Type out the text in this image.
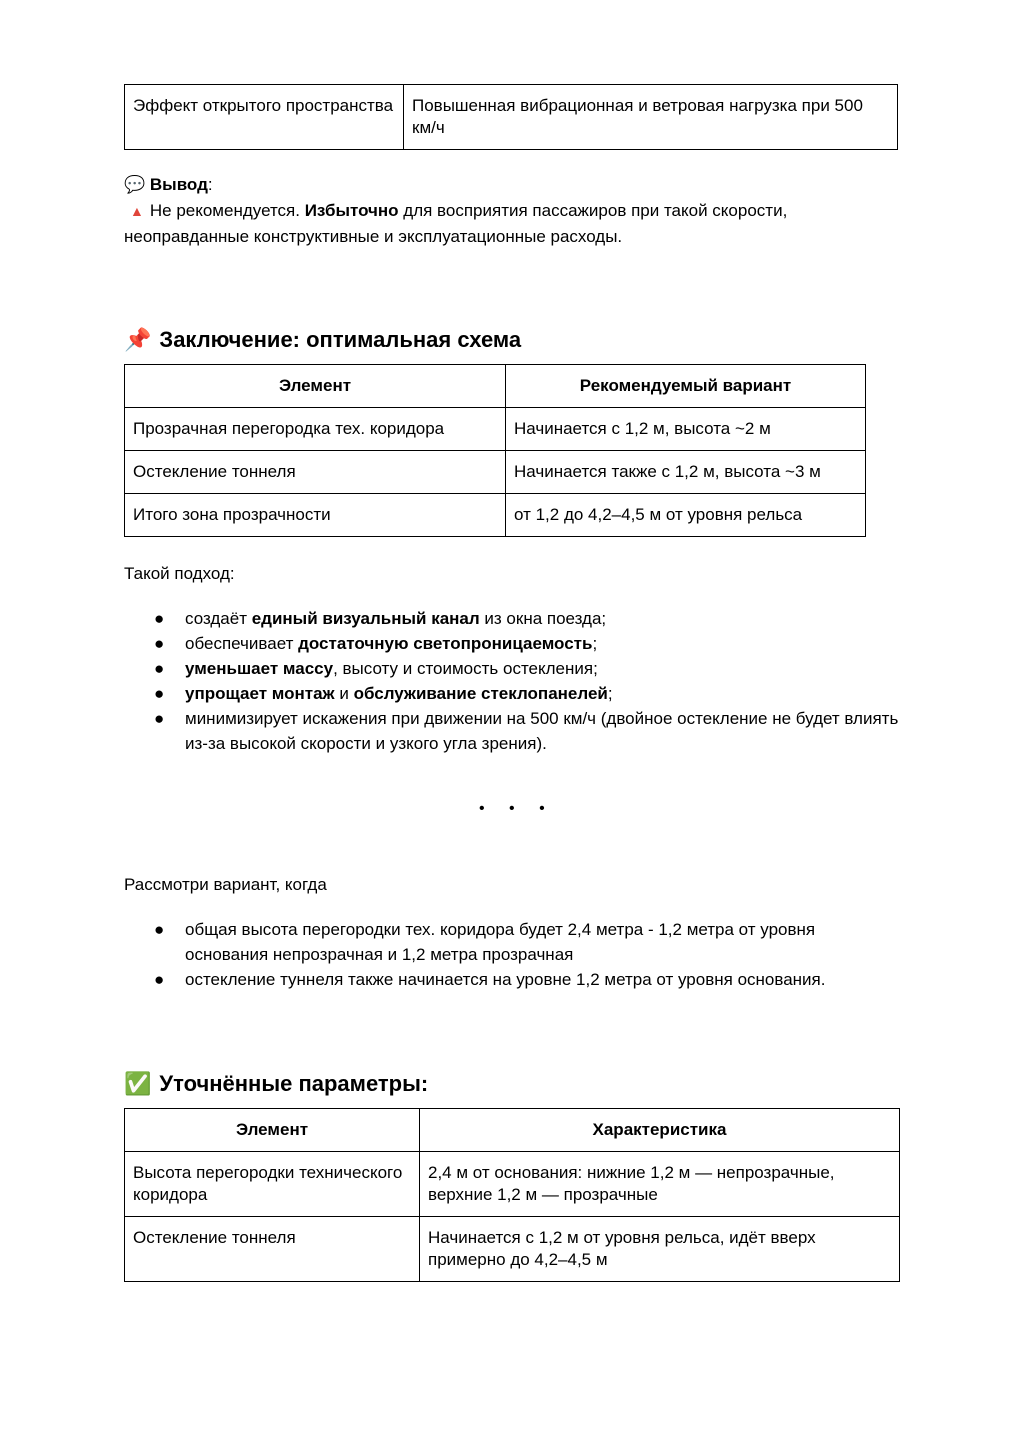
Эффект открытого пространства	Повышенная вибрационная и ветровая нагрузка при 500 км/ч
💬 Вывод:
▲ Не рекомендуется. Избыточно для восприятия пассажиров при такой скорости, неоправданные конструктивные и эксплуатационные расходы.
📌 Заключение: оптимальная схема
Элемент	Рекомендуемый вариант
Прозрачная перегородка тех. коридора	Начинается с 1,2 м, высота ~2 м
Остекление тоннеля	Начинается также с 1,2 м, высота ~3 м
Итого зона прозрачности	от 1,2 до 4,2–4,5 м от уровня рельса
Такой подход:
● создаёт единый визуальный канал из окна поезда;
● обеспечивает достаточную светопроницаемость;
● уменьшает массу, высоту и стоимость остекления;
● упрощает монтаж и обслуживание стеклопанелей;
● минимизирует искажения при движении на 500 км/ч (двойное остекление не будет влиять из-за высокой скорости и узкого угла зрения).
• • •
Рассмотри вариант, когда
● общая высота перегородки тех. коридора будет 2,4 метра - 1,2 метра от уровня основания непрозрачная и 1,2 метра прозрачная
● остекление туннеля также начинается на уровне 1,2 метра от уровня основания.
✅ Уточнённые параметры:
Элемент	Характеристика
Высота перегородки технического коридора	2,4 м от основания: нижние 1,2 м — непрозрачные, верхние 1,2 м — прозрачные
Остекление тоннеля	Начинается с 1,2 м от уровня рельса, идёт вверх примерно до 4,2–4,5 м
